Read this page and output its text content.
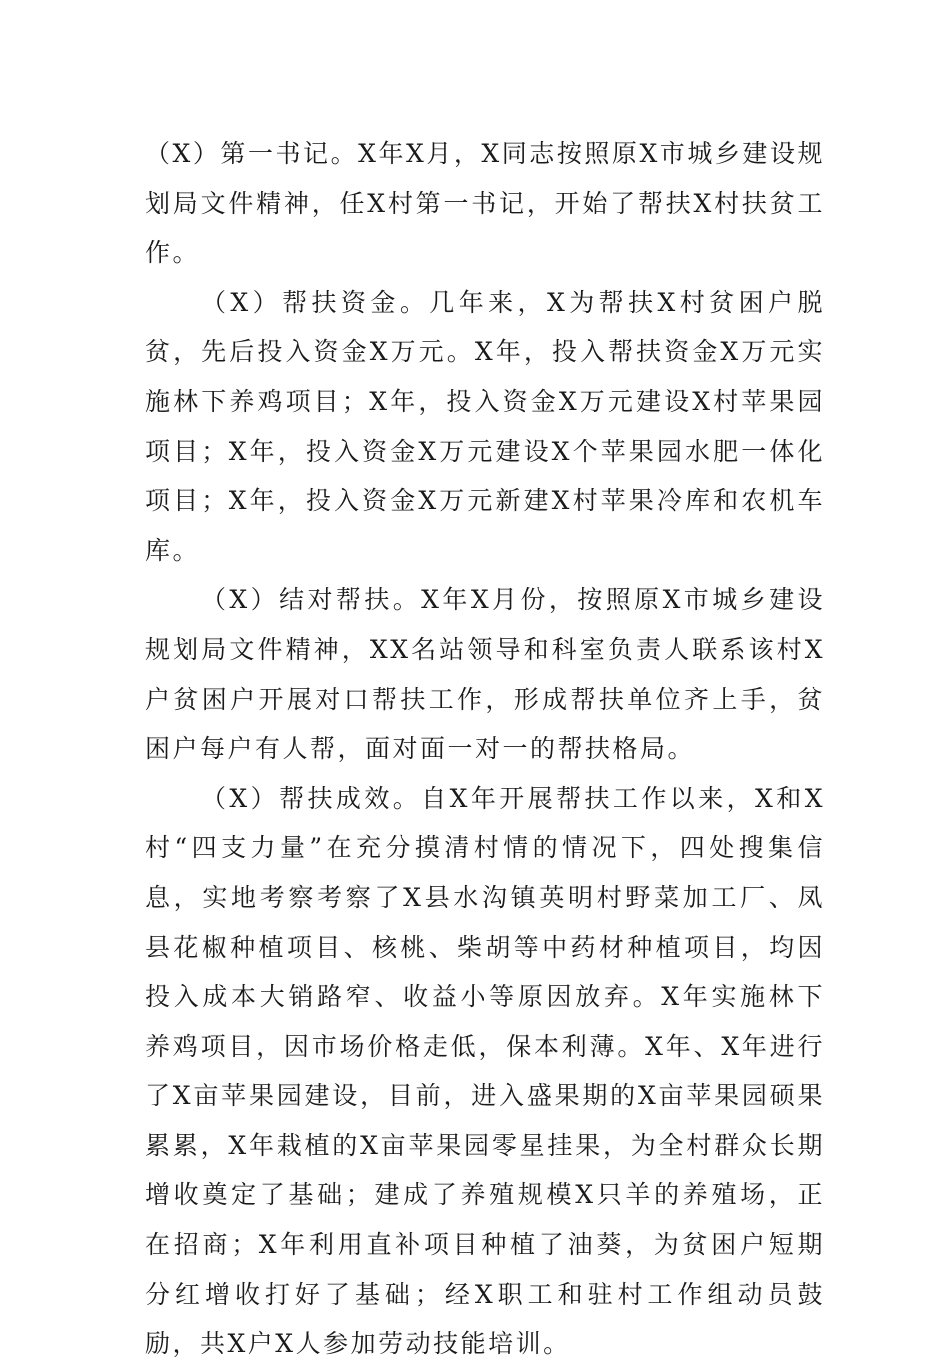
（X）第一书记。X年X月，X同志按照原X市城乡建设规划局文件精神，任X村第一书记，开始了帮扶X村扶贫工作。

（X）帮扶资金。几年来，X为帮扶X村贫困户脱贫，先后投入资金X万元。X年，投入帮扶资金X万元实施林下养鸡项目；X年，投入资金X万元建设X村苹果园项目；X年，投入资金X万元建设X个苹果园水肥一体化项目；X年，投入资金X万元新建X村苹果冷库和农机车库。

（X）结对帮扶。X年X月份，按照原X市城乡建设规划局文件精神，XX名站领导和科室负责人联系该村X户贫困户开展对口帮扶工作，形成帮扶单位齐上手，贫困户每户有人帮，面对面一对一的帮扶格局。

（X）帮扶成效。自X年开展帮扶工作以来，X和X村“四支力量”在充分摸清村情的情况下，四处搜集信息，实地考察考察了X县水沟镇英明村野菜加工厂、凤县花椒种植项目、核桃、柴胡等中药材种植项目，均因投入成本大销路窄、收益小等原因放弃。X年实施林下养鸡项目，因市场价格走低，保本利薄。X年、X年进行了X亩苹果园建设，目前，进入盛果期的X亩苹果园硕果累累，X年栽植的X亩苹果园零星挂果，为全村群众长期增收奠定了基础；建成了养殖规模X只羊的养殖场，正在招商；X年利用直补项目种植了油葵，为贫困户短期分红增收打好了基础；经X职工和驻村工作组动员鼓励，共X户X人参加劳动技能培训。
